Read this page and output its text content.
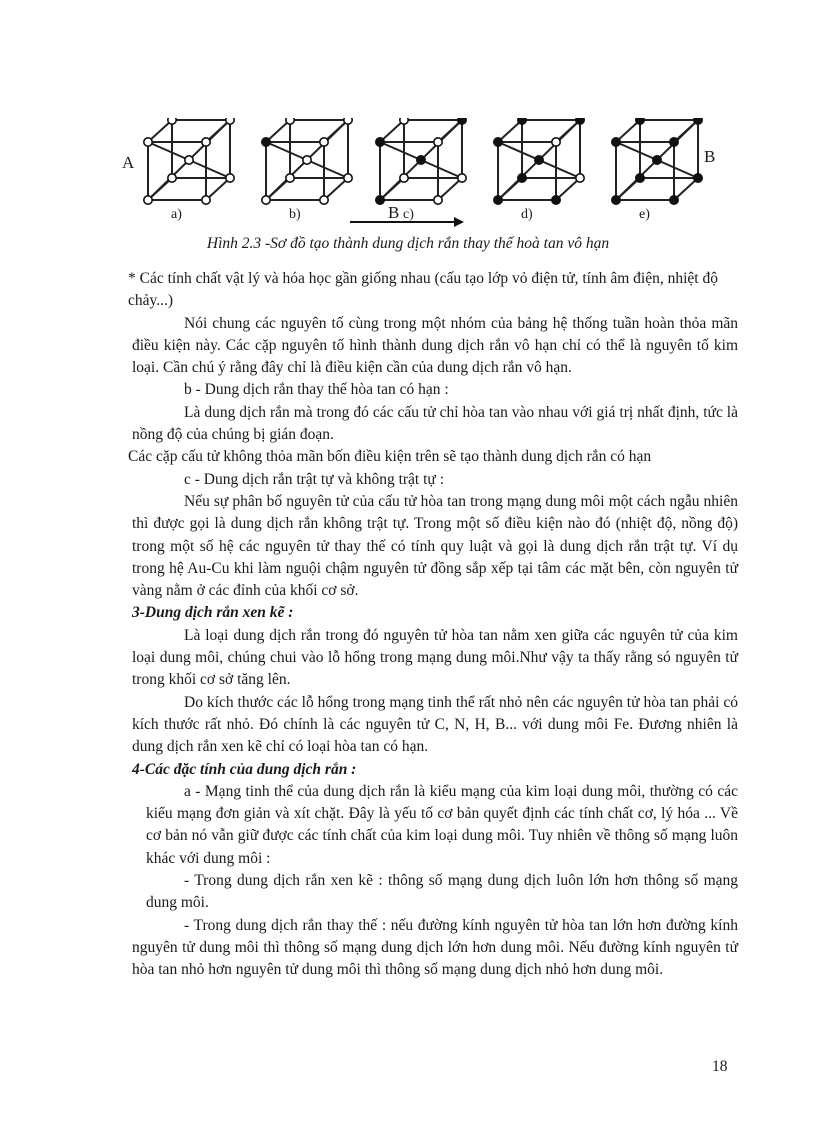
a)	b)	c)	d)	e)
A	B
B
Hình 2.3 -Sơ đồ tạo thành dung dịch rắn thay thế hoà tan vô hạn

* Các tính chất vật lý và hóa học gần giống nhau (cấu tạo lớp vỏ điện tử, tính âm điện, nhiệt độ chảy...)

Nói chung các nguyên tố cùng trong một nhóm của bảng hệ thống tuần hoàn thỏa mãn điều kiện này. Các cặp nguyên tố hình thành dung dịch rắn vô hạn chỉ có thể là nguyên tố kim loại. Cần chú ý rằng đây chỉ là điều kiện cần của dung dịch rắn vô hạn.

b - Dung dịch rắn thay thế hòa tan có hạn :

Là dung dịch rắn mà trong đó các cấu tử chỉ hòa tan vào nhau với giá trị nhất định, tức là nồng độ của chúng bị gián đoạn.

Các cặp cấu tử không thỏa mãn bốn điều kiện trên sẽ tạo thành dung dịch rắn có hạn

c - Dung dịch rắn trật tự và không trật tự :

Nếu sự phân bố nguyên tử của cấu tử hòa tan trong mạng dung môi một cách ngẫu nhiên thì được gọi là dung dịch rắn không trật tự. Trong một số điều kiện nào đó (nhiệt độ, nồng độ) trong một số hệ các nguyên tử thay thế có tính quy luật và gọi là dung dịch rắn trật tự. Ví dụ trong hệ Au-Cu khi làm nguội chậm nguyên tử đồng sắp xếp tại tâm các mặt bên, còn nguyên tử vàng nằm ở các đỉnh của khối cơ sở.

3-Dung dịch rắn xen kẽ :

Là loại dung dịch rắn trong đó nguyên tử hòa tan nằm xen giữa các nguyên tử của kim loại dung môi, chúng chui vào lỗ hổng trong mạng dung môi.Như vậy ta thấy rằng só nguyên tử trong khối cơ sở tăng lên.

Do kích thước các lỗ hổng trong mạng tinh thể rất nhỏ nên các nguyên tử hòa tan phải có kích thước rất nhỏ. Đó chính là các nguyên tử C, N, H, B... với dung môi Fe. Đương nhiên là dung dịch rắn xen kẽ chỉ có loại hòa tan có hạn.

4-Các đặc tính của dung dịch rắn :

a - Mạng tinh thể của dung dịch rắn là kiểu mạng của kim loại dung môi, thường có các kiểu mạng đơn giản và xít chặt. Đây là yếu tố cơ bản quyết định các tính chất cơ, lý hóa ... Về cơ bản nó vẫn giữ được các tính chất của kim loại dung môi. Tuy nhiên về thông số mạng luôn khác với dung môi :

- Trong dung dịch rắn xen kẽ : thông số mạng dung dịch luôn lớn hơn thông số mạng dung môi.

- Trong dung dịch rắn thay thế : nếu đường kính nguyên tử hòa tan lớn hơn đường kính nguyên tử dung môi thì thông số mạng dung dịch lớn hơn dung môi. Nếu đường kính nguyên tử hòa tan nhỏ hơn nguyên tử dung môi thì thông số mạng dung dịch nhỏ hơn dung môi.

18
